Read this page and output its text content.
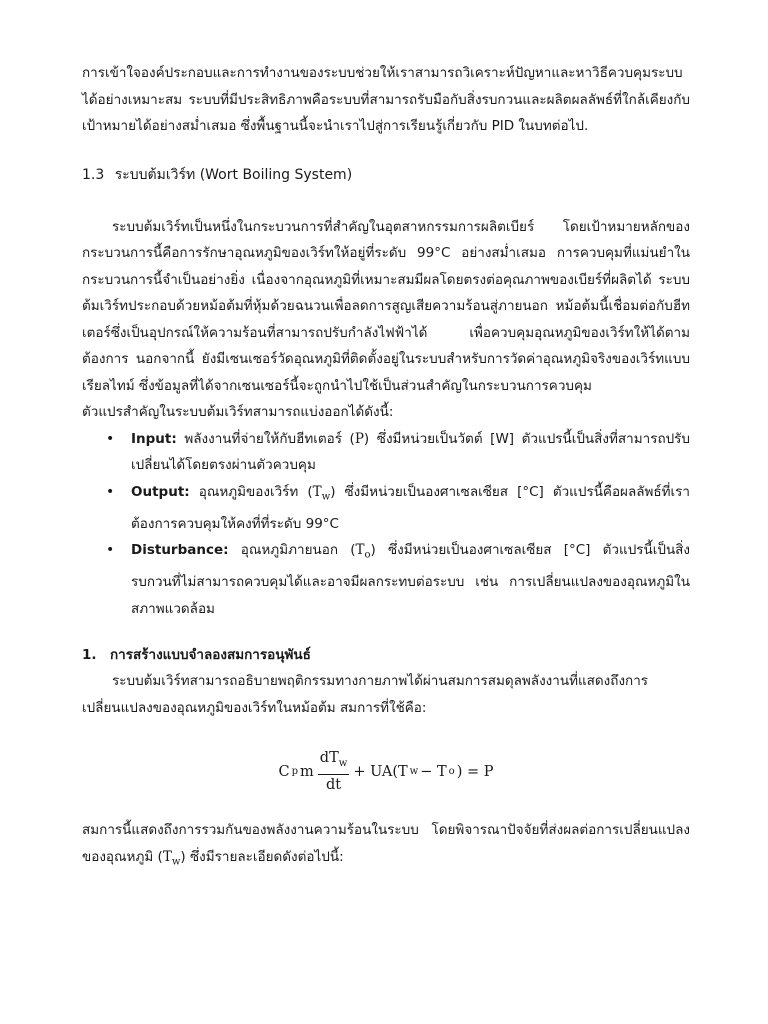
การเข้าใจองค์ประกอบและการทำงานของระบบช่วยให้เราสามารถวิเคราะห์ปัญหาและหาวิธีควบคุมระบบได้อย่างเหมาะสม ระบบที่มีประสิทธิภาพคือระบบที่สามารถรับมือกับสิ่งรบกวนและผลิตผลลัพธ์ที่ใกล้เคียงกับเป้าหมายได้อย่างสม่ำเสมอ ซึ่งพื้นฐานนี้จะนำเราไปสู่การเรียนรู้เกี่ยวกับ PID ในบทต่อไป.

1.3 ระบบต้มเวิร์ท (Wort Boiling System)

ระบบต้มเวิร์ทเป็นหนึ่งในกระบวนการที่สำคัญในอุตสาหกรรมการผลิตเบียร์ โดยเป้าหมายหลักของกระบวนการนี้คือการรักษาอุณหภูมิของเวิร์ทให้อยู่ที่ระดับ 99°C อย่างสม่ำเสมอ การควบคุมที่แม่นยำในกระบวนการนี้จำเป็นอย่างยิ่ง เนื่องจากอุณหภูมิที่เหมาะสมมีผลโดยตรงต่อคุณภาพของเบียร์ที่ผลิตได้ ระบบต้มเวิร์ทประกอบด้วยหม้อต้มที่หุ้มด้วยฉนวนเพื่อลดการสูญเสียความร้อนสู่ภายนอก หม้อต้มนี้เชื่อมต่อกับฮีทเตอร์ซึ่งเป็นอุปกรณ์ให้ความร้อนที่สามารถปรับกำลังไฟฟ้าได้ เพื่อควบคุมอุณหภูมิของเวิร์ทให้ได้ตามต้องการ นอกจากนี้ ยังมีเซนเซอร์วัดอุณหภูมิที่ติดตั้งอยู่ในระบบสำหรับการวัดค่าอุณหภูมิจริงของเวิร์ทแบบเรียลไทม์ ซึ่งข้อมูลที่ได้จากเซนเซอร์นี้จะถูกนำไปใช้เป็นส่วนสำคัญในกระบวนการควบคุม

ตัวแปรสำคัญในระบบต้มเวิร์ทสามารถแบ่งออกได้ดังนี้:

• Input: พลังงานที่จ่ายให้กับฮีทเตอร์ (P) ซึ่งมีหน่วยเป็นวัตต์ [W] ตัวแปรนี้เป็นสิ่งที่สามารถปรับเปลี่ยนได้โดยตรงผ่านตัวควบคุม
• Output: อุณหภูมิของเวิร์ท $(T_w)$ ซึ่งมีหน่วยเป็นองศาเซลเซียส [°C] ตัวแปรนี้คือผลลัพธ์ที่เราต้องการควบคุมให้คงที่ที่ระดับ 99°C
• Disturbance: อุณหภูมิภายนอก $(T_o)$ ซึ่งมีหน่วยเป็นองศาเซลเซียส [°C] ตัวแปรนี้เป็นสิ่งรบกวนที่ไม่สามารถควบคุมได้และอาจมีผลกระทบต่อระบบ เช่น การเปลี่ยนแปลงของอุณหภูมิในสภาพแวดล้อม
1. การสร้างแบบจำลองสมการอนุพันธ์

ระบบต้มเวิร์ทสามารถอธิบายพฤติกรรมทางกายภาพได้ผ่านสมการสมดุลพลังงานที่แสดงถึงการเปลี่ยนแปลงของอุณหภูมิของเวิร์ทในหม้อต้ม สมการที่ใช้คือ:

C p m $\frac{dT_w}{dt} + UA(T$ w − T o ) = P

สมการนี้แสดงถึงการรวมกันของพลังงานความร้อนในระบบ โดยพิจารณาปัจจัยที่ส่งผลต่อการเปลี่ยนแปลงของอุณหภูมิ $(T_w)$ ซึ่งมีรายละเอียดดังต่อไปนี้:
